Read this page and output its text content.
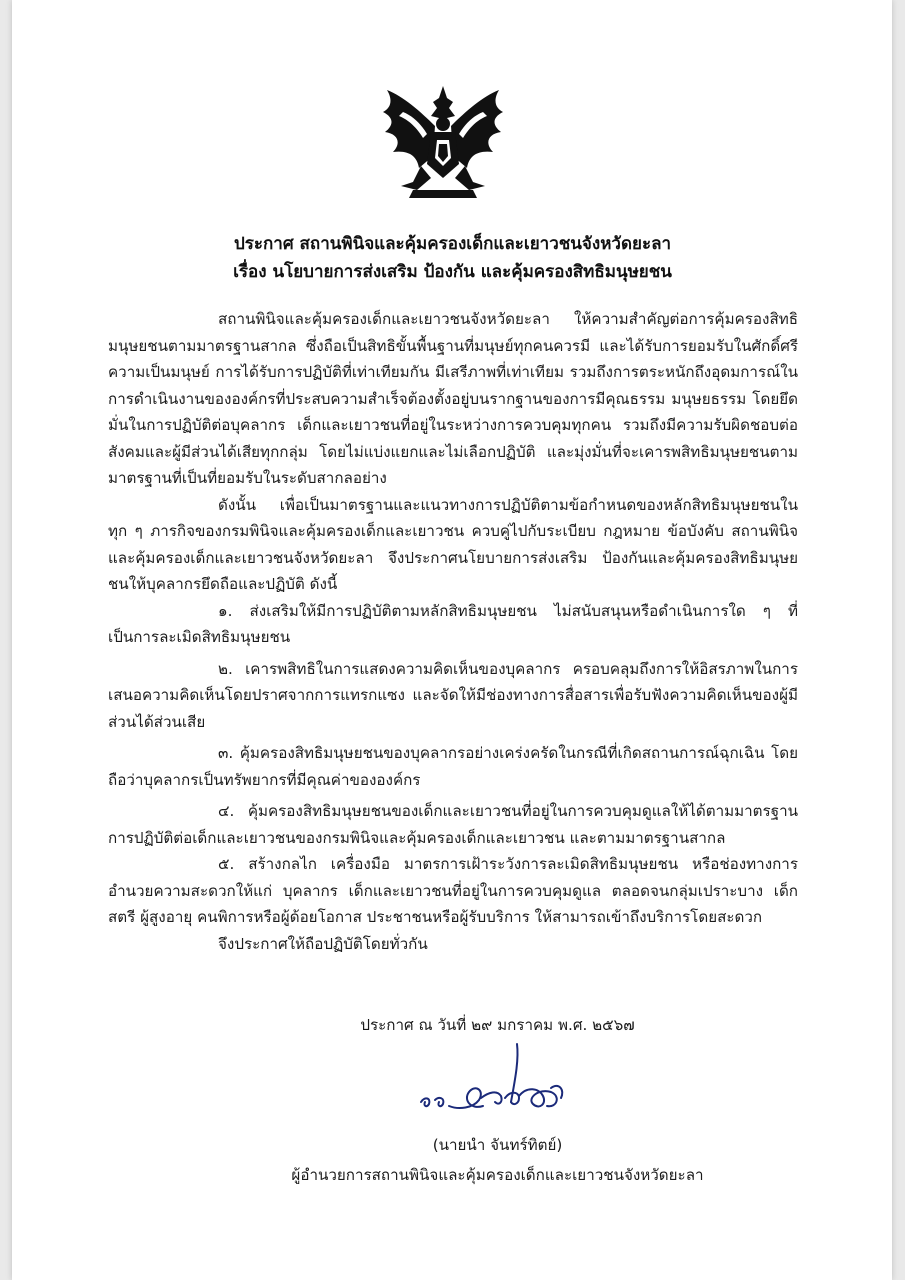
ประกาศ สถานพินิจและคุ้มครองเด็กและเยาวชนจังหวัดยะลา
เรื่อง นโยบายการส่งเสริม ป้องกัน และคุ้มครองสิทธิมนุษยชน

สถานพินิจและคุ้มครองเด็กและเยาวชนจังหวัดยะลา ให้ความสำคัญต่อการคุ้มครองสิทธิมนุษยชนตามมาตรฐานสากล ซึ่งถือเป็นสิทธิขั้นพื้นฐานที่มนุษย์ทุกคนควรมี และได้รับการยอมรับในศักดิ์ศรีความเป็นมนุษย์ การได้รับการปฏิบัติที่เท่าเทียมกัน มีเสรีภาพที่เท่าเทียม รวมถึงการตระหนักถึงอุดมการณ์ในการดำเนินงานขององค์กรที่ประสบความสำเร็จต้องตั้งอยู่บนรากฐานของการมีคุณธรรม มนุษยธรรม โดยยึดมั่นในการปฏิบัติต่อบุคลากร เด็กและเยาวชนที่อยู่ในระหว่างการควบคุมทุกคน รวมถึงมีความรับผิดชอบต่อสังคมและผู้มีส่วนได้เสียทุกกลุ่ม โดยไม่แบ่งแยกและไม่เลือกปฏิบัติ และมุ่งมั่นที่จะเคารพสิทธิมนุษยชนตามมาตรฐานที่เป็นที่ยอมรับในระดับสากลอย่าง

ดังนั้น เพื่อเป็นมาตรฐานและแนวทางการปฏิบัติตามข้อกำหนดของหลักสิทธิมนุษยชนในทุก ๆ ภารกิจของกรมพินิจและคุ้มครองเด็กและเยาวชน ควบคู่ไปกับระเบียบ กฎหมาย ข้อบังคับ สถานพินิจและคุ้มครองเด็กและเยาวชนจังหวัดยะลา จึงประกาศนโยบายการส่งเสริม ป้องกันและคุ้มครองสิทธิมนุษยชนให้บุคลากรยึดถือและปฏิบัติ ดังนี้

๑. ส่งเสริมให้มีการปฏิบัติตามหลักสิทธิมนุษยชน ไม่สนับสนุนหรือดำเนินการใด ๆ ที่เป็นการละเมิดสิทธิมนุษยชน

๒. เคารพสิทธิในการแสดงความคิดเห็นของบุคลากร ครอบคลุมถึงการให้อิสรภาพในการเสนอความคิดเห็นโดยปราศจากการแทรกแซง และจัดให้มีช่องทางการสื่อสารเพื่อรับฟังความคิดเห็นของผู้มีส่วนได้ส่วนเสีย

๓. คุ้มครองสิทธิมนุษยชนของบุคลากรอย่างเคร่งครัดในกรณีที่เกิดสถานการณ์ฉุกเฉิน โดยถือว่าบุคลากรเป็นทรัพยากรที่มีคุณค่าขององค์กร

๔. คุ้มครองสิทธิมนุษยชนของเด็กและเยาวชนที่อยู่ในการควบคุมดูแลให้ได้ตามมาตรฐานการปฏิบัติต่อเด็กและเยาวชนของกรมพินิจและคุ้มครองเด็กและเยาวชน และตามมาตรฐานสากล

๕. สร้างกลไก เครื่องมือ มาตรการเฝ้าระวังการละเมิดสิทธิมนุษยชน หรือช่องทางการอำนวยความสะดวกให้แก่ บุคลากร เด็กและเยาวชนที่อยู่ในการควบคุมดูแล ตลอดจนกลุ่มเปราะบาง เด็ก สตรี ผู้สูงอายุ คนพิการหรือผู้ด้อยโอกาส ประชาชนหรือผู้รับบริการ ให้สามารถเข้าถึงบริการโดยสะดวก

จึงประกาศให้ถือปฏิบัติโดยทั่วกัน

ประกาศ ณ วันที่ ๒๙ มกราคม พ.ศ. ๒๕๖๗
(นายนำ จันทร์ทิตย์)
ผู้อำนวยการสถานพินิจและคุ้มครองเด็กและเยาวชนจังหวัดยะลา
